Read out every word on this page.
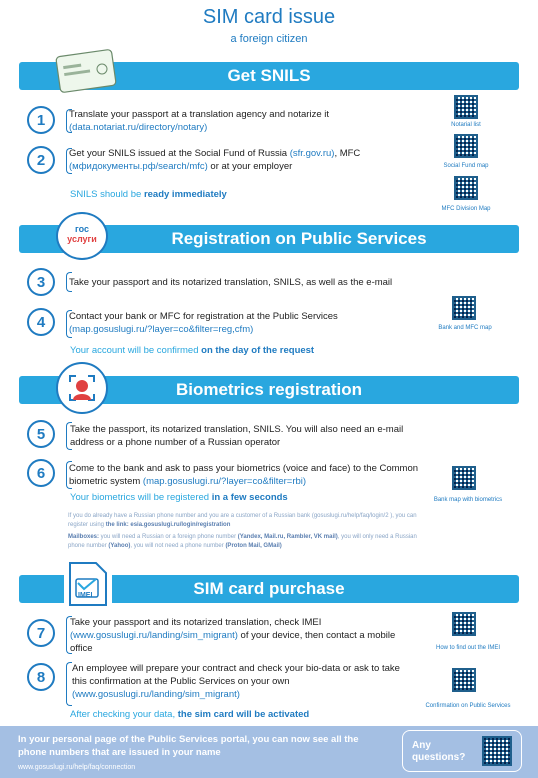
SIM card issue
a foreign citizen
Get SNILS
1	Translate your passport at a translation agency and notarize it
(data.notariat.ru/directory/notary)
2	Get your SNILS issued at the Social Fund of Russia (sfr.gov.ru), MFC
(мфидокументы.рф/search/mfc) or at your employer
SNILS should be ready immediately
Notarial list
Social Fund map
MFC Division Map
Registration on Public Services
гос
услуги
3	Take your passport and its notarized translation, SNILS, as well as the e-mail
4	Contact your bank or MFC for registration at the Public Services
(map.gosuslugi.ru/?layer=co&filter=reg,cfm)
Your account will be confirmed on the day of the request
Bank and MFC map
Biometrics registration
5	Take the passport, its notarized translation, SNILS. You will also need an e-mail address or a phone number of a Russian operator
6	Come to the bank and ask to pass your biometrics (voice and face) to the Common biometric system (map.gosuslugi.ru/?layer=co&filter=rbi)
Your biometrics will be registered in a few seconds
If you do already have a Russian phone number and you are a customer of a Russian bank (gosuslugi.ru/help/faq/login/2 ), you can register using the link: esia.gosuslugi.ru/login/registration
Mailboxes: you will need a Russian or a foreign phone number (Yandex, Mail.ru, Rambler, VK mail), you will only need a Russian phone number (Yahoo), you will not need a phone number (Proton Mail, GMail)
Bank map with biometrics
SIM card purchase
IMEI
7
Take your passport and its notarized translation, check IMEI
(www.gosuslugi.ru/landing/sim_migrant) of your device, then contact a mobile office
8	An employee will prepare your contract and check your bio-data or ask to take this confirmation at the Public Services on your own
(www.gosuslugi.ru/landing/sim_migrant)
After checking your data, the sim card will be activated
How to find out the IMEI
Confirmation on Public Services
In your personal page of the Public Services portal, you can now see all the phone numbers that are issued in your name
www.gosuslugi.ru/help/faq/connection
Any questions?
